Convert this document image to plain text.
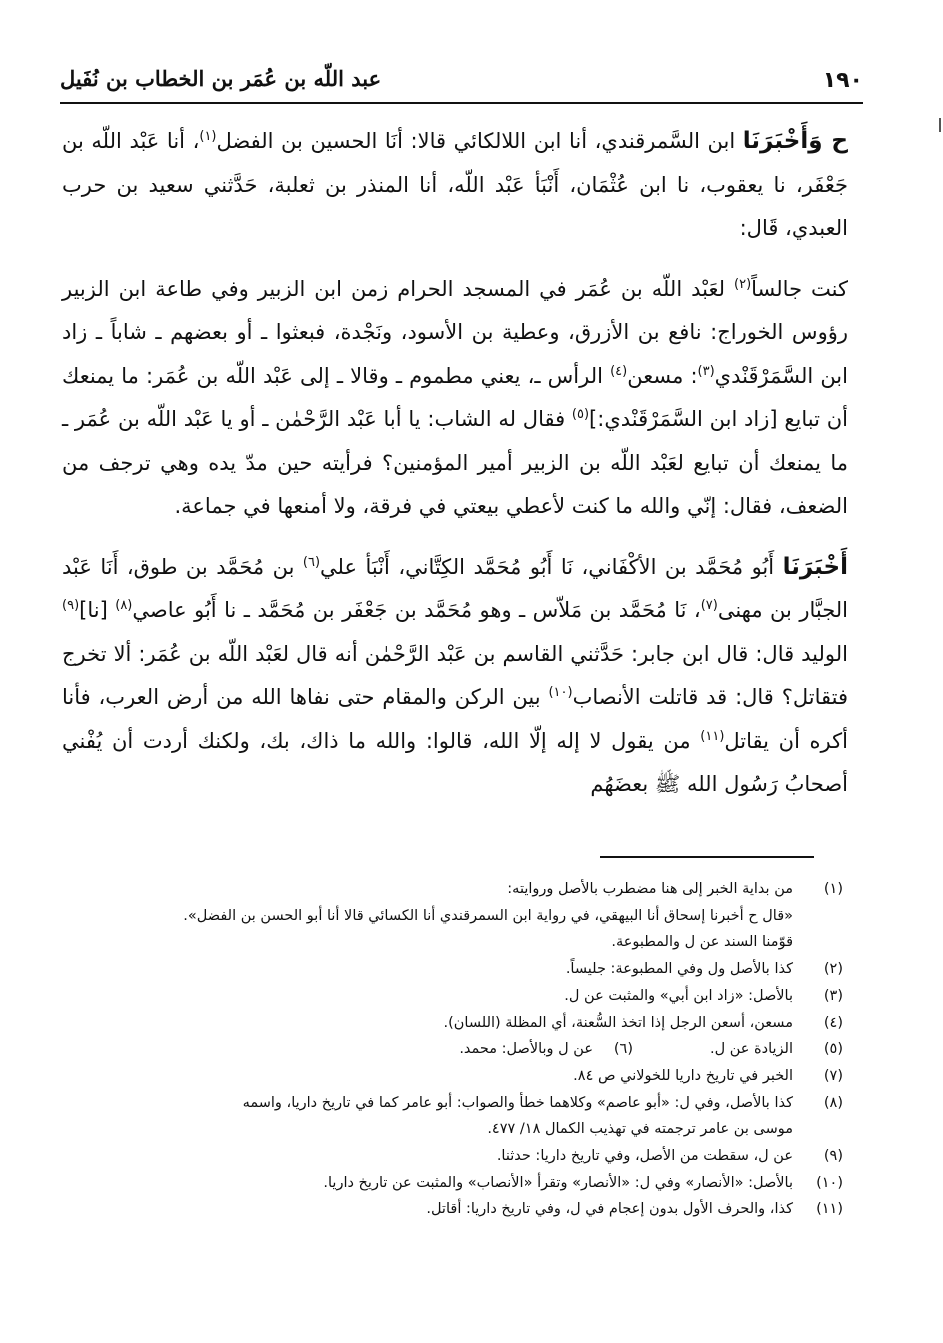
١٩٠
عبد اللّه بن عُمَر بن الخطاب بن نُفَيل

ح وَأَخْبَرَنَا ابن السَّمرقندي، أنا ابن اللالكائي قالا: أنَا الحسين بن الفضل$^{(١)}$، أنا عَبْد اللّه بن جَعْفَر، نا يعقوب، نا ابن عُثْمَان، أَنْبَأ عَبْد اللّه، أنا المنذر بن ثعلبة، حَدَّثني سعيد بن حرب العبدي، قَال:

كنت جالساً$^{(٢)}$ لعَبْد اللّه بن عُمَر في المسجد الحرام زمن ابن الزبير وفي طاعة ابن الزبير رؤوس الخوراج: نافع بن الأزرق، وعطية بن الأسود، ونَجْدة، فبعثوا ـ أو بعضهم ـ شاباً ـ زاد ابن السَّمَرْقَنْدي$^{(٣)}$: مسعن$^{(٤)}$ الرأس ـ، يعني مطموم ـ وقالا ـ إلى عَبْد اللّه بن عُمَر: ما يمنعك أن تبايع [زاد ابن السَّمَرْقَنْدي:]$^{(٥)}$ فقال له الشاب: يا أبا عَبْد الرَّحْمٰن ـ أو يا عَبْد اللّه بن عُمَر ـ ما يمنعك أن تبايع لعَبْد اللّه بن الزبير أمير المؤمنين؟ فرأيته حين مدّ يده وهي ترجف من الضعف، فقال: إنّي والله ما كنت لأعطي بيعتي في فرقة، ولا أمنعها في جماعة.

أَخْبَرَنَا أَبُو مُحَمَّد بن الأكْفَاني، نَا أَبُو مُحَمَّد الكِتَّاني، أَنْبَأ علي$^{(٦)}$ بن مُحَمَّد بن طوق، أَنَا عَبْد الجبَّار بن مهنى$^{(٧)}$، نَا مُحَمَّد بن مَلاّس ـ وهو مُحَمَّد بن جَعْفَر بن مُحَمَّد ـ نا أَبُو عاصي$^{(٨)}$ [نا]$^{(٩)}$ الوليد قال: قال ابن جابر: حَدَّثني القاسم بن عَبْد الرَّحْمٰن أنه قال لعَبْد اللّه بن عُمَر: ألا تخرج فتقاتل؟ قال: قد قاتلت الأنصاب$^{(١٠)}$ بين الركن والمقام حتى نفاها الله من أرض العرب، فأنا أكره أن يقاتل$^{(١١)}$ من يقول لا إله إلّا الله، قالوا: والله ما ذاك، بك، ولكنك أردت أن يُفْني أصحابُ رَسُول الله ﷺ بعضَهُم

(١)
من بداية الخبر إلى هنا مضطرب بالأصل وروايته:
«قال ح أخبرنا إسحاق أنا البيهقي، في رواية ابن السمرقندي أنا الكسائي قالا أنا أبو الحسن بن الفضل».
قوّمنا السند عن ل والمطبوعة.
(٢)
كذا بالأصل ول وفي المطبوعة: جليساً.
(٣)
بالأصل: «زاد ابن أبي» والمثبت عن ل.
(٤)
مسعن، أسعن الرجل إذا اتخذ السُّعنة، أي المظلة (اللسان).
(٥)
الزيادة عن ل.
(٦)
عن ل وبالأصل: محمد.
(٧)
الخبر في تاريخ داريا للخولاني ص ٨٤.
(٨)
كذا بالأصل، وفي ل: «أبو عاصم» وكلاهما خطأ والصواب: أبو عامر كما في تاريخ داريا، واسمه
موسى بن عامر ترجمته في تهذيب الكمال ١٨/ ٤٧٧.
(٩)
عن ل، سقطت من الأصل، وفي تاريخ داريا: حدثنا.
(١٠)
بالأصل: «الأنصار» وفي ل: «الأنصار» وتقرأ «الأنصاب» والمثبت عن تاريخ داريا.
(١١)
كذا، والحرف الأول بدون إعجام في ل، وفي تاريخ داريا: أقاتل.
